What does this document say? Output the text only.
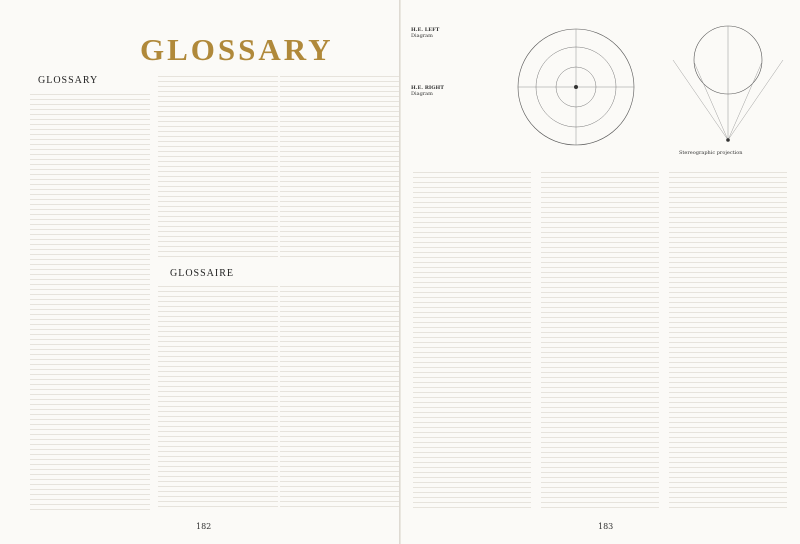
GLOSSARY
GLOSSARY
GLOSSAIRE
182
H.E. LEFT
Diagram
H.E. RIGHT
Diagram
Stereographic projection
183
